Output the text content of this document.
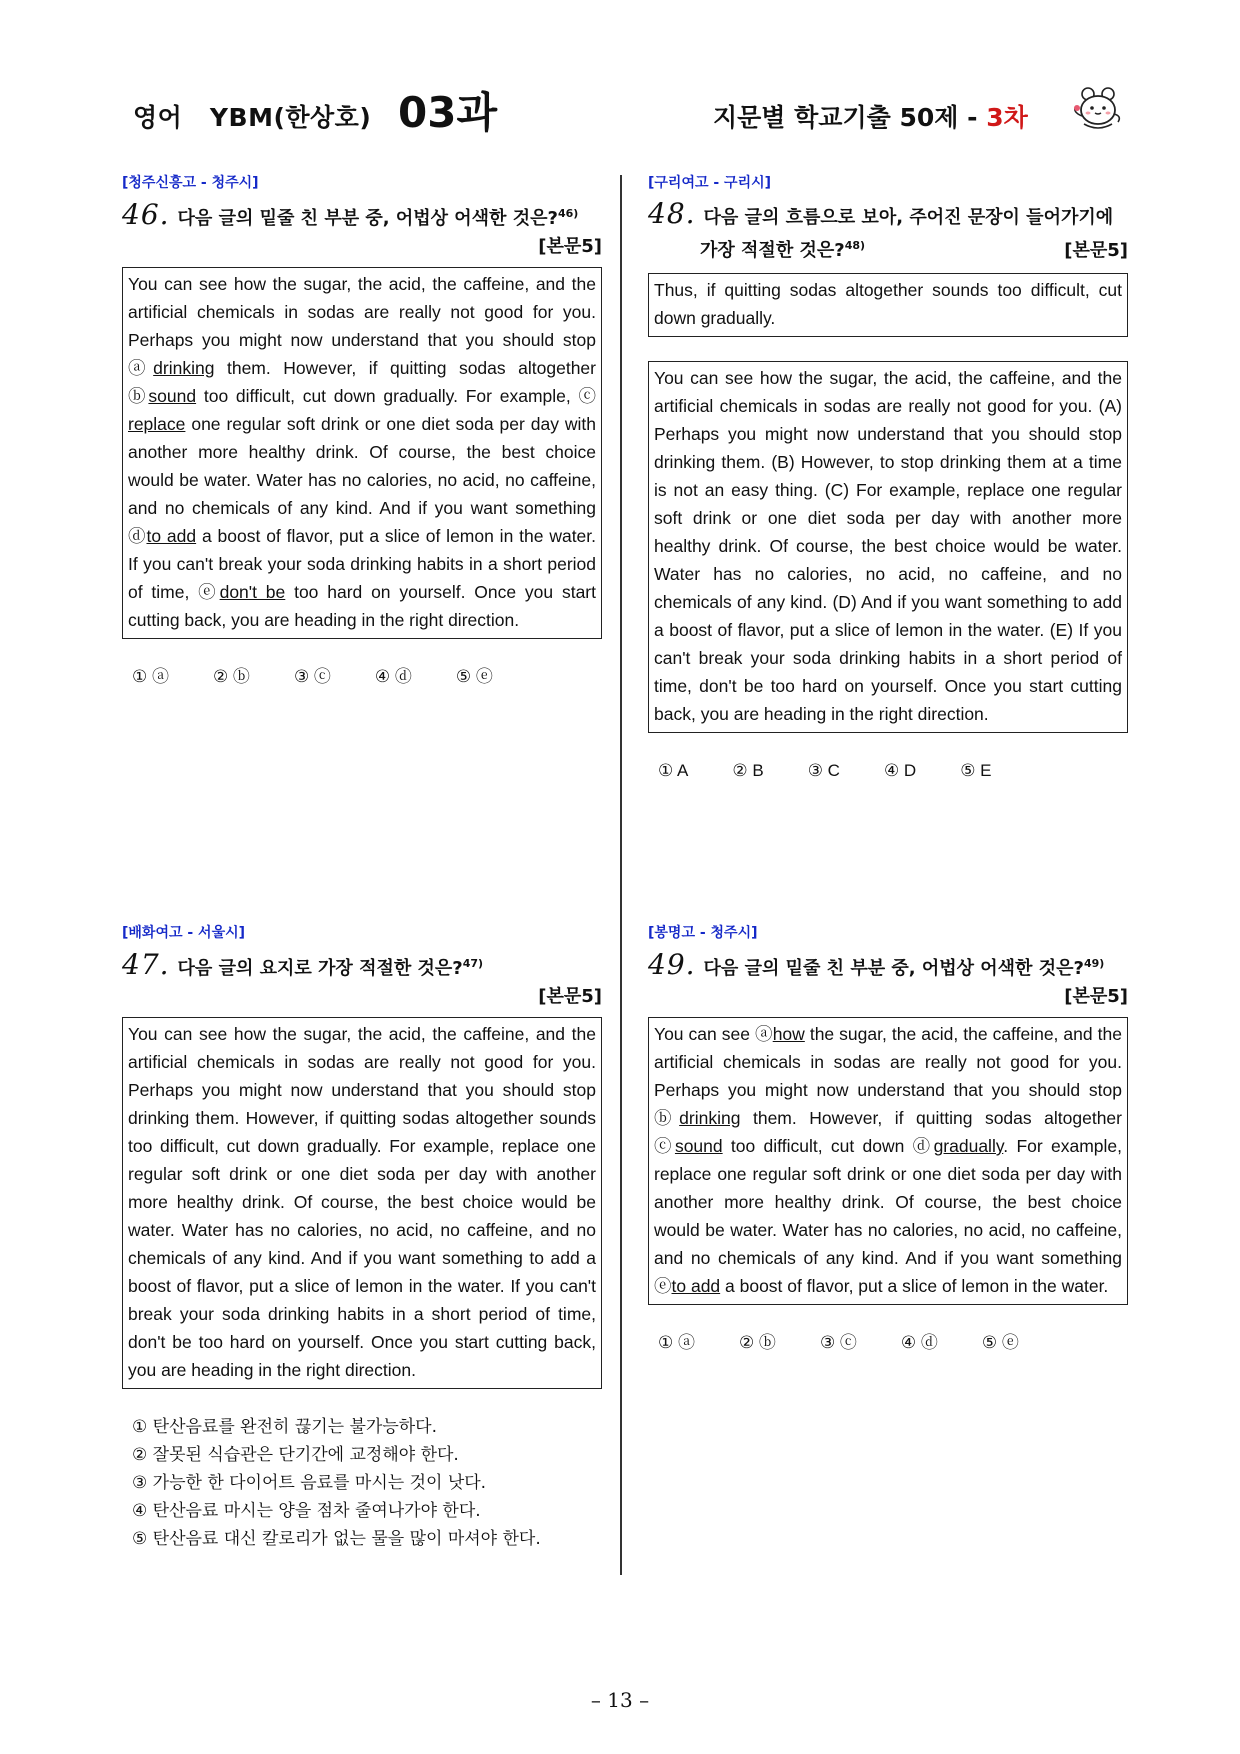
영어   YBM(한상호) 03과	지문별 학교기출 50제 - 3차
[청주신흥고 - 청주시]
46. 다음 글의 밑줄 친 부분 중, 어법상 어색한 것은?$^{46)}$
[본문5]
You can see how the sugar, the acid, the caffeine, and the artificial chemicals in sodas are really not good for you. Perhaps you might now understand that you should stop ⓐdrinking them. However, if quitting sodas altogether ⓑsound too difficult, cut down gradually. For example, ⓒ replace one regular soft drink or one diet soda per day with another more healthy drink. Of course, the best choice would be water. Water has no calories, no acid, no caffeine, and no chemicals of any kind. And if you want something ⓓto add a boost of flavor, put a slice of lemon in the water. If you can't break your soda drinking habits in a short period of time, ⓔdon't be too hard on yourself. Once you start cutting back, you are heading in the right direction.
① ⓐ	② ⓑ	③ ⓒ	④ ⓓ	⑤ ⓔ
[구리여고 - 구리시]
48. 다음 글의 흐름으로 보아, 주어진 문장이 들어가기에
가장 적절한 것은?$^{48)}$	[본문5]
Thus, if quitting sodas altogether sounds too difficult, cut down gradually.
You can see how the sugar, the acid, the caffeine, and the artificial chemicals in sodas are really not good for you. (A) Perhaps you might now understand that you should stop drinking them. (B) However, to stop drinking them at a time is not an easy thing. (C) For example, replace one regular soft drink or one diet soda per day with another more healthy drink. Of course, the best choice would be water. Water has no calories, no acid, no caffeine, and no chemicals of any kind. (D) And if you want something to add a boost of flavor, put a slice of lemon in the water. (E) If you can't break your soda drinking habits in a short period of time, don't be too hard on yourself. Once you start cutting back, you are heading in the right direction.
① A	② B	③ C	④ D	⑤ E
[배화여고 - 서울시]
47. 다음 글의 요지로 가장 적절한 것은?$^{47)}$
[본문5]
You can see how the sugar, the acid, the caffeine, and the artificial chemicals in sodas are really not good for you. Perhaps you might now understand that you should stop drinking them. However, if quitting sodas altogether sounds too difficult, cut down gradually. For example, replace one regular soft drink or one diet soda per day with another more healthy drink. Of course, the best choice would be water. Water has no calories, no acid, no caffeine, and no chemicals of any kind. And if you want something to add a boost of flavor, put a slice of lemon in the water. If you can't break your soda drinking habits in a short period of time, don't be too hard on yourself. Once you start cutting back, you are heading in the right direction.
① 탄산음료를 완전히 끊기는 불가능하다.
② 잘못된 식습관은 단기간에 교정해야 한다.
③ 가능한 한 다이어트 음료를 마시는 것이 낫다.
④ 탄산음료 마시는 양을 점차 줄여나가야 한다.
⑤ 탄산음료 대신 칼로리가 없는 물을 많이 마셔야 한다.
[봉명고 - 청주시]
49. 다음 글의 밑줄 친 부분 중, 어법상 어색한 것은?$^{49)}$
[본문5]
You can see ⓐhow the sugar, the acid, the caffeine, and the artificial chemicals in sodas are really not good for you. Perhaps you might now understand that you should stop ⓑdrinking them. However, if quitting sodas altogether ⓒsound too difficult, cut down ⓓgradually. For example, replace one regular soft drink or one diet soda per day with another more healthy drink. Of course, the best choice would be water. Water has no calories, no acid, no caffeine, and no chemicals of any kind. And if you want something ⓔto add a boost of flavor, put a slice of lemon in the water.
① ⓐ	② ⓑ	③ ⓒ	④ ⓓ	⑤ ⓔ
– 13 –
